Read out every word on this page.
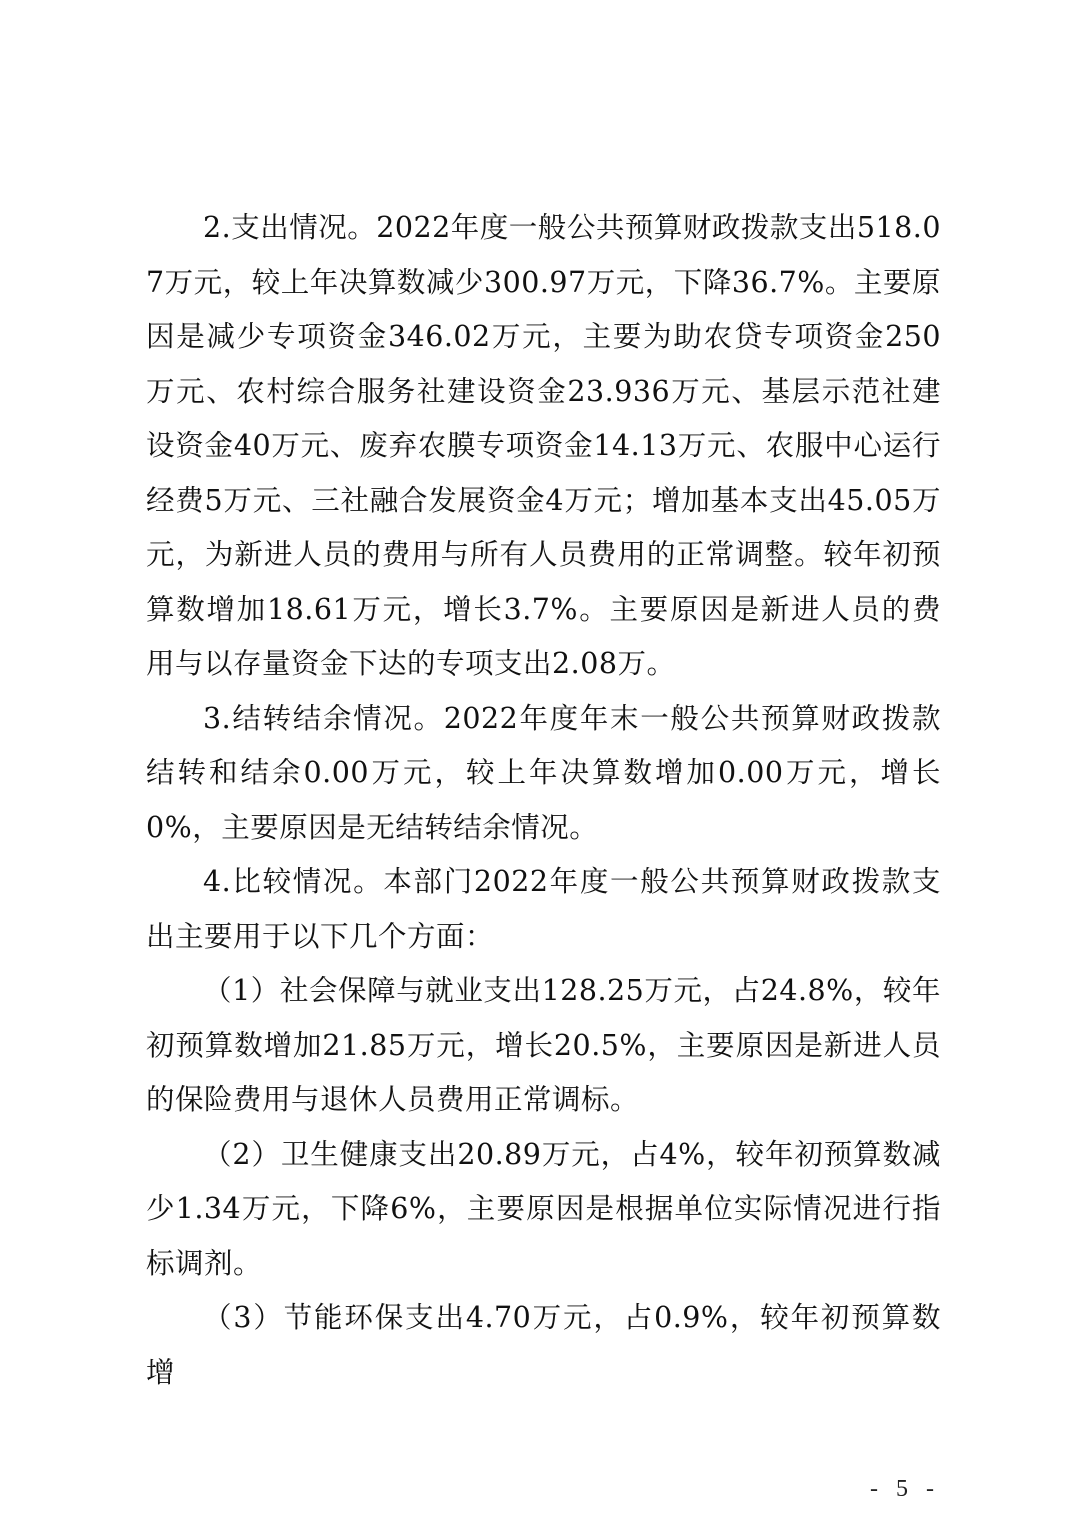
2.支出情况。2022年度一般公共预算财政拨款支出518.07万元，较上年决算数减少300.97万元，下降36.7%。主要原因是减少专项资金346.02万元，主要为助农贷专项资金250万元、农村综合服务社建设资金23.936万元、基层示范社建设资金40万元、废弃农膜专项资金14.13万元、农服中心运行经费5万元、三社融合发展资金4万元；增加基本支出45.05万元，为新进人员的费用与所有人员费用的正常调整。较年初预算数增加18.61万元，增长3.7%。主要原因是新进人员的费用与以存量资金下达的专项支出2.08万。

3.结转结余情况。2022年度年末一般公共预算财政拨款结转和结余0.00万元，较上年决算数增加0.00万元，增长0%，主要原因是无结转结余情况。

4.比较情况。本部门2022年度一般公共预算财政拨款支出主要用于以下几个方面：

（1）社会保障与就业支出128.25万元，占24.8%，较年初预算数增加21.85万元，增长20.5%，主要原因是新进人员的保险费用与退休人员费用正常调标。

（2）卫生健康支出20.89万元，占4%，较年初预算数减少1.34万元，下降6%，主要原因是根据单位实际情况进行指标调剂。

（3）节能环保支出4.70万元，占0.9%，较年初预算数增

- 5 -
